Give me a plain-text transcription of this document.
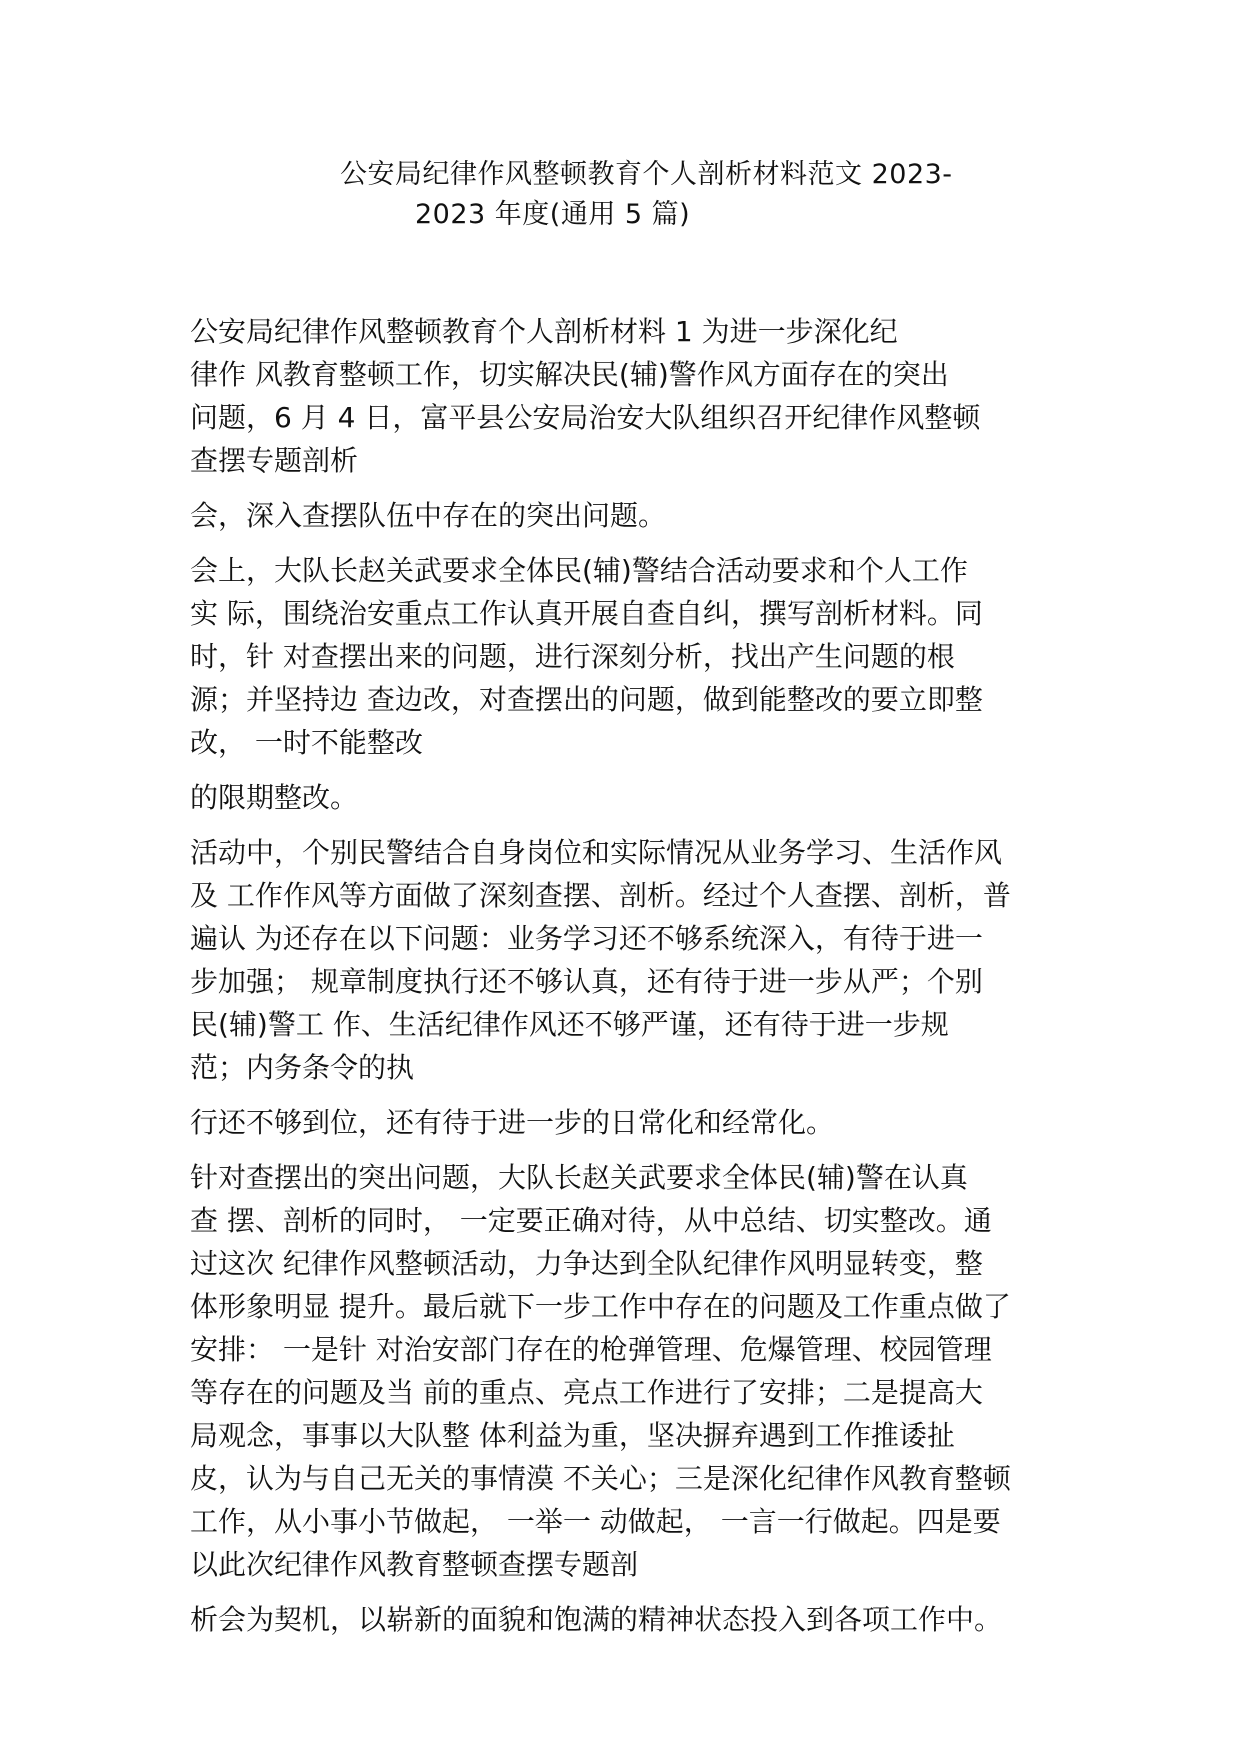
公安局纪律作风整顿教育个人剖析材料范文 2023-
2023 年度(通用 5 篇)
公安局纪律作风整顿教育个人剖析材料 1 为进一步深化纪
律作 风教育整顿工作，切实解决民(辅)警作风方面存在的突出
问题，6 月 4 日，富平县公安局治安大队组织召开纪律作风整顿
查摆专题剖析
会，深入查摆队伍中存在的突出问题。
会上，大队长赵关武要求全体民(辅)警结合活动要求和个人工作
实 际，围绕治安重点工作认真开展自查自纠，撰写剖析材料。同
时，针 对查摆出来的问题，进行深刻分析，找出产生问题的根
源；并坚持边 查边改，对查摆出的问题，做到能整改的要立即整
改， 一时不能整改
的限期整改。
活动中，个别民警结合自身岗位和实际情况从业务学习、生活作风
及 工作作风等方面做了深刻查摆、剖析。经过个人查摆、剖析，普
遍认 为还存在以下问题：业务学习还不够系统深入，有待于进一
步加强； 规章制度执行还不够认真，还有待于进一步从严；个别
民(辅)警工 作、生活纪律作风还不够严谨，还有待于进一步规
范；内务条令的执
行还不够到位，还有待于进一步的日常化和经常化。
针对查摆出的突出问题，大队长赵关武要求全体民(辅)警在认真
查 摆、剖析的同时， 一定要正确对待，从中总结、切实整改。通
过这次 纪律作风整顿活动，力争达到全队纪律作风明显转变，整
体形象明显 提升。最后就下一步工作中存在的问题及工作重点做了
安排： 一是针 对治安部门存在的枪弹管理、危爆管理、校园管理
等存在的问题及当 前的重点、亮点工作进行了安排；二是提高大
局观念，事事以大队整 体利益为重，坚决摒弃遇到工作推诿扯
皮，认为与自己无关的事情漠 不关心；三是深化纪律作风教育整顿
工作，从小事小节做起， 一举一 动做起， 一言一行做起。四是要
以此次纪律作风教育整顿查摆专题剖
析会为契机，以崭新的面貌和饱满的精神状态投入到各项工作中。
